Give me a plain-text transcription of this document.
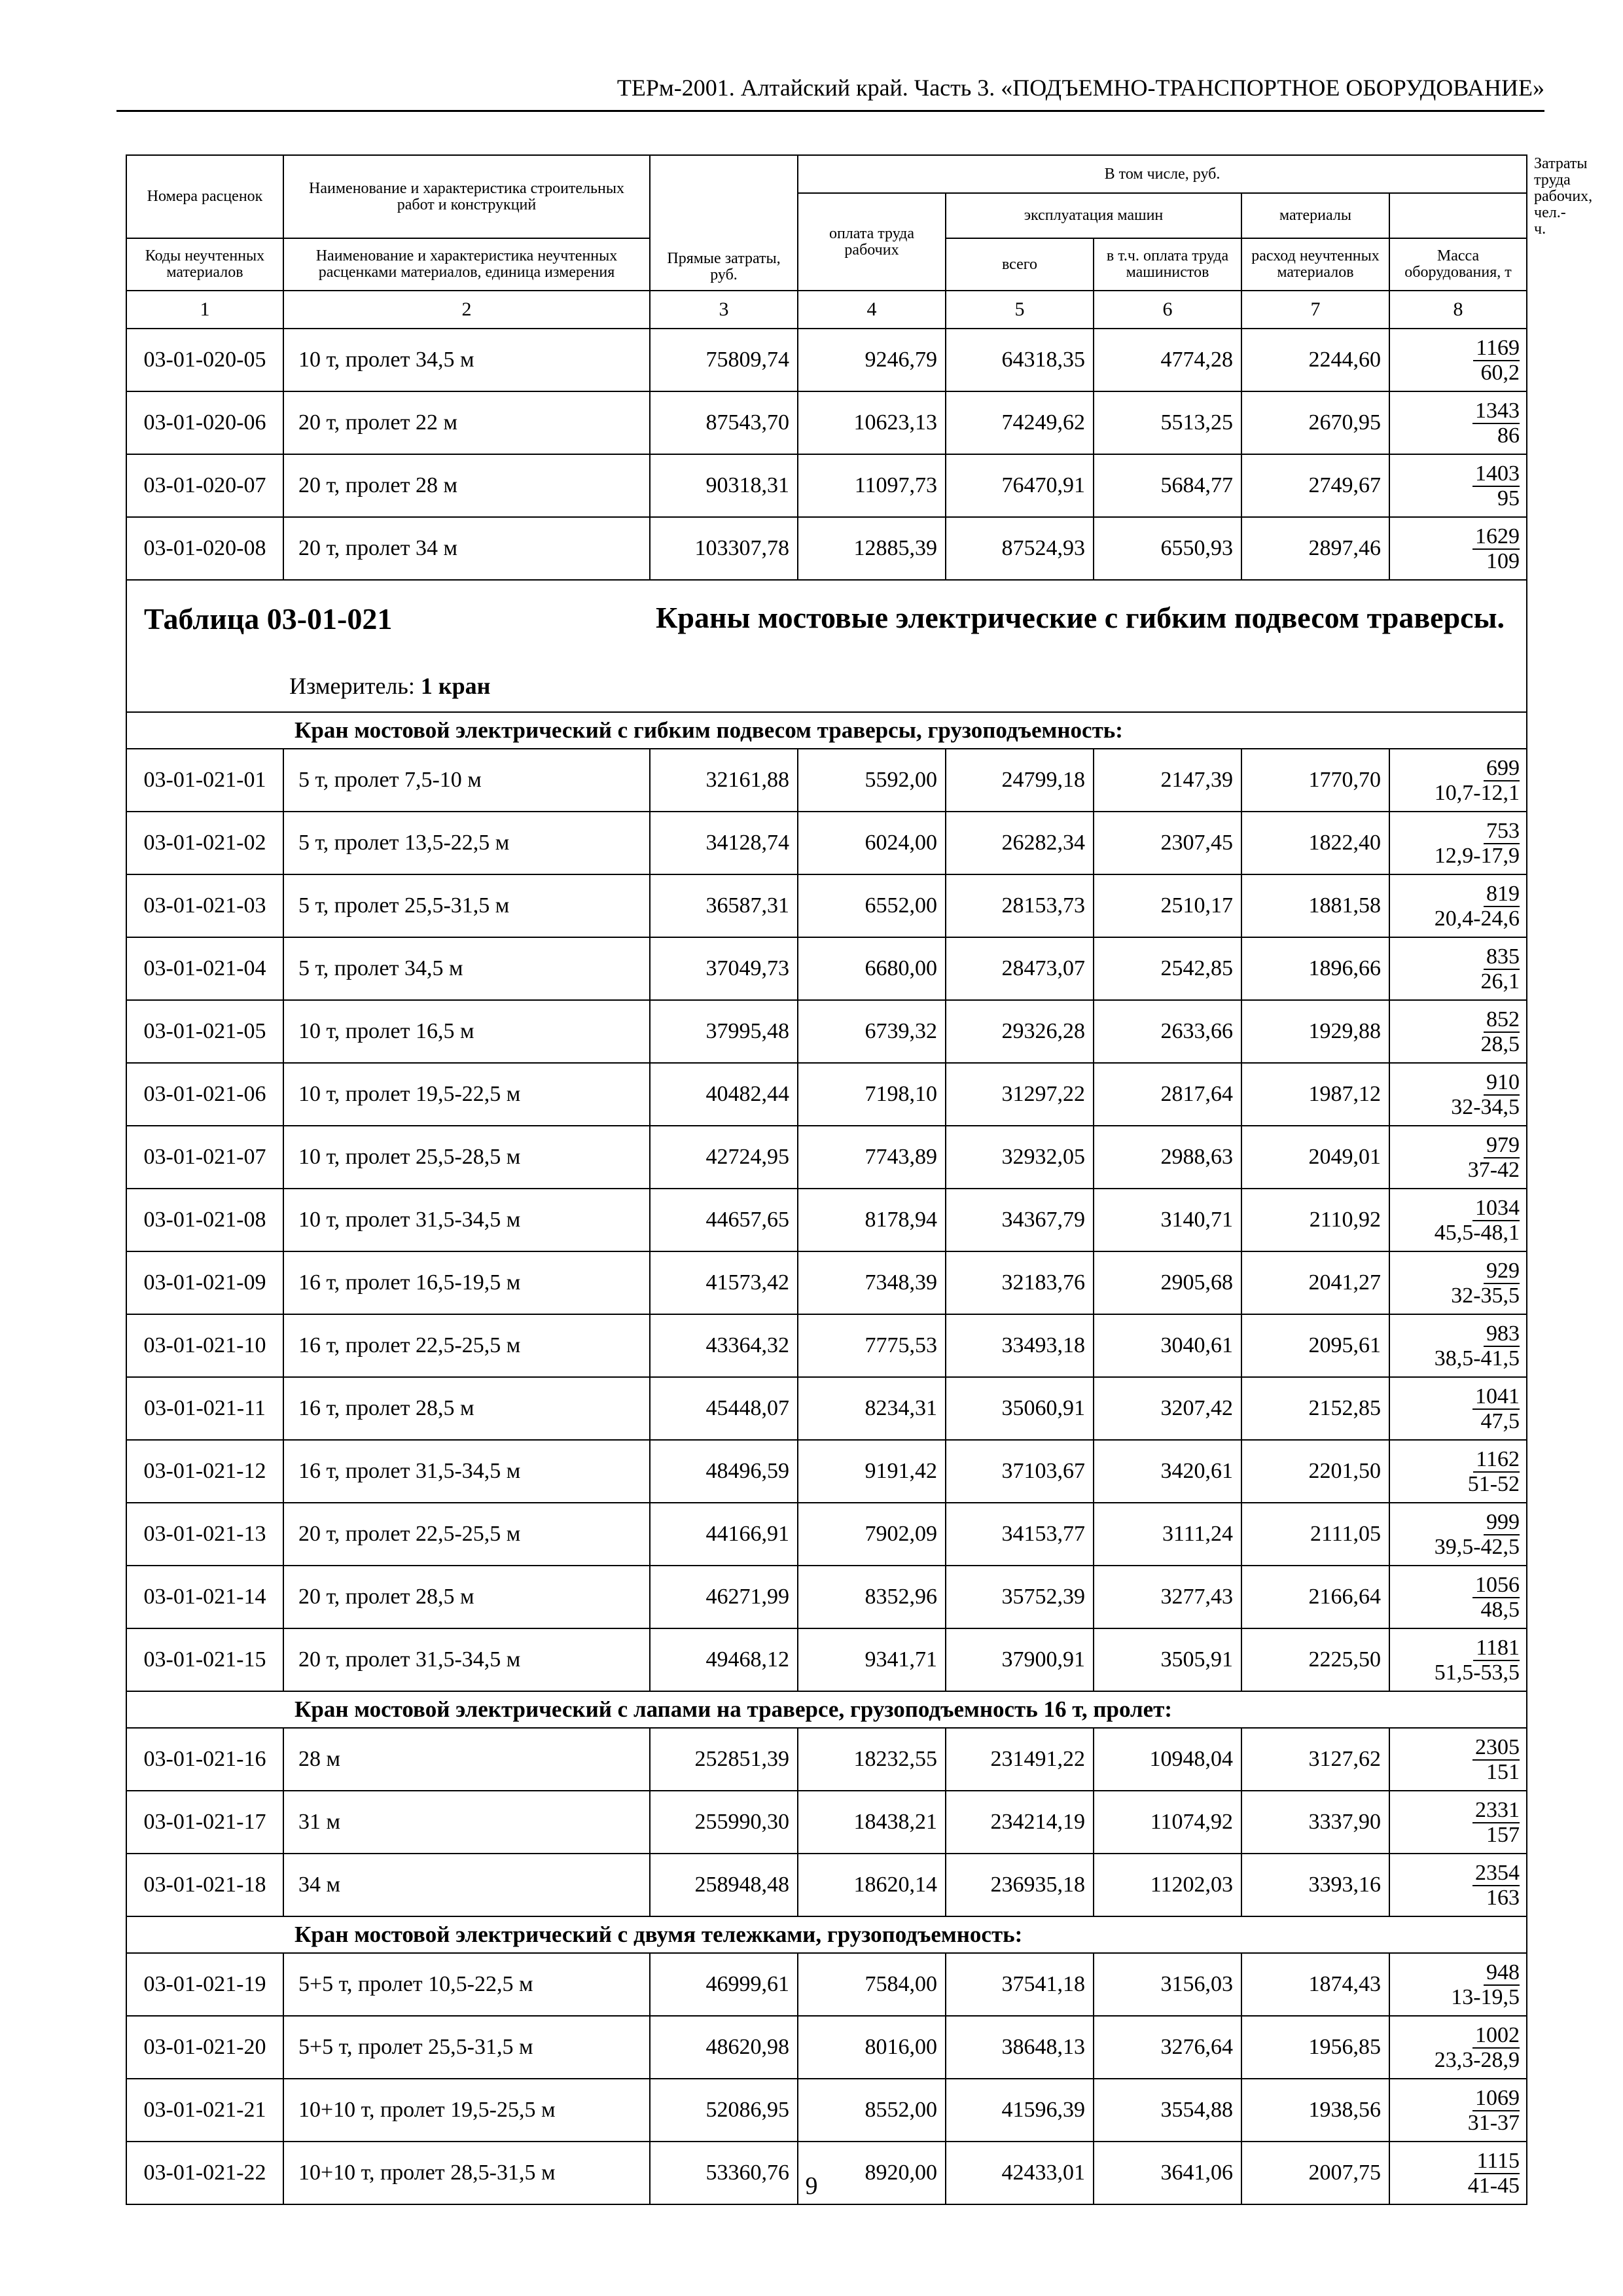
ТЕРм-2001. Алтайский край. Часть 3. «ПОДЪЕМНО-ТРАНСПОРТНОЕ ОБОРУДОВАНИЕ»
Номера расценок	Наименование и характеристика строительных работ и конструкций	Прямые затраты, руб.	В том числе, руб.					Затраты труда рабочих, чел.-ч.
			оплата труда рабочих	эксплуатация машин		материалы		
Коды неучтенных материалов	Наименование и характеристика неучтенных расценками материалов, единица измерения			всего	в т.ч. оплата труда машинистов	расход неучтенных материалов	Масса оборудования, т	
1	2	3	4	5	6	7	8	
03-01-020-05	10 т, пролет 34,5 м	75809,74	9246,79	64318,35	4774,28	2244,60	1169
60,2	
03-01-020-06	20 т, пролет 22 м	87543,70	10623,13	74249,62	5513,25	2670,95	1343
86	
03-01-020-07	20 т, пролет 28 м	90318,31	11097,73	76470,91	5684,77	2749,67	1403
95	
03-01-020-08	20 т, пролет 34 м	103307,78	12885,39	87524,93	6550,93	2897,46	1629
109	

Таблица 03-01-021 Краны мостовые электрические с гибким подвесом траверсы.
Измеритель: 1 кран								

Кран мостовой электрический с гибким подвесом траверсы, грузоподъемность:								
03-01-021-01	5 т, пролет 7,5-10 м	32161,88	5592,00	24799,18	2147,39	1770,70	699
10,7-12,1	
03-01-021-02	5 т, пролет 13,5-22,5 м	34128,74	6024,00	26282,34	2307,45	1822,40	753
12,9-17,9	
03-01-021-03	5 т, пролет 25,5-31,5 м	36587,31	6552,00	28153,73	2510,17	1881,58	819
20,4-24,6	
03-01-021-04	5 т, пролет 34,5 м	37049,73	6680,00	28473,07	2542,85	1896,66	835
26,1	
03-01-021-05	10 т, пролет 16,5 м	37995,48	6739,32	29326,28	2633,66	1929,88	852
28,5	
03-01-021-06	10 т, пролет 19,5-22,5 м	40482,44	7198,10	31297,22	2817,64	1987,12	910
32-34,5	
03-01-021-07	10 т, пролет 25,5-28,5 м	42724,95	7743,89	32932,05	2988,63	2049,01	979
37-42	
03-01-021-08	10 т, пролет 31,5-34,5 м	44657,65	8178,94	34367,79	3140,71	2110,92	1034
45,5-48,1	
03-01-021-09	16 т, пролет 16,5-19,5 м	41573,42	7348,39	32183,76	2905,68	2041,27	929
32-35,5	
03-01-021-10	16 т, пролет 22,5-25,5 м	43364,32	7775,53	33493,18	3040,61	2095,61	983
38,5-41,5	
03-01-021-11	16 т, пролет 28,5 м	45448,07	8234,31	35060,91	3207,42	2152,85	1041
47,5	
03-01-021-12	16 т, пролет 31,5-34,5 м	48496,59	9191,42	37103,67	3420,61	2201,50	1162
51-52	
03-01-021-13	20 т, пролет 22,5-25,5 м	44166,91	7902,09	34153,77	3111,24	2111,05	999
39,5-42,5	
03-01-021-14	20 т, пролет 28,5 м	46271,99	8352,96	35752,39	3277,43	2166,64	1056
48,5	
03-01-021-15	20 т, пролет 31,5-34,5 м	49468,12	9341,71	37900,91	3505,91	2225,50	1181
51,5-53,5	
Кран мостовой электрический с лапами на траверсе, грузоподъемность 16 т, пролет:								
03-01-021-16	28 м	252851,39	18232,55	231491,22	10948,04	3127,62	2305
151	
03-01-021-17	31 м	255990,30	18438,21	234214,19	11074,92	3337,90	2331
157	
03-01-021-18	34 м	258948,48	18620,14	236935,18	11202,03	3393,16	2354
163	
Кран мостовой электрический с двумя тележками, грузоподъемность:								
03-01-021-19	5+5 т, пролет 10,5-22,5 м	46999,61	7584,00	37541,18	3156,03	1874,43	948
13-19,5	
03-01-021-20	5+5 т, пролет 25,5-31,5 м	48620,98	8016,00	38648,13	3276,64	1956,85	1002
23,3-28,9	
03-01-021-21	10+10 т, пролет 19,5-25,5 м	52086,95	8552,00	41596,39	3554,88	1938,56	1069
31-37	
03-01-021-22	10+10 т, пролет 28,5-31,5 м	53360,76	8920,00	42433,01	3641,06	2007,75	1115
41-45	
9
